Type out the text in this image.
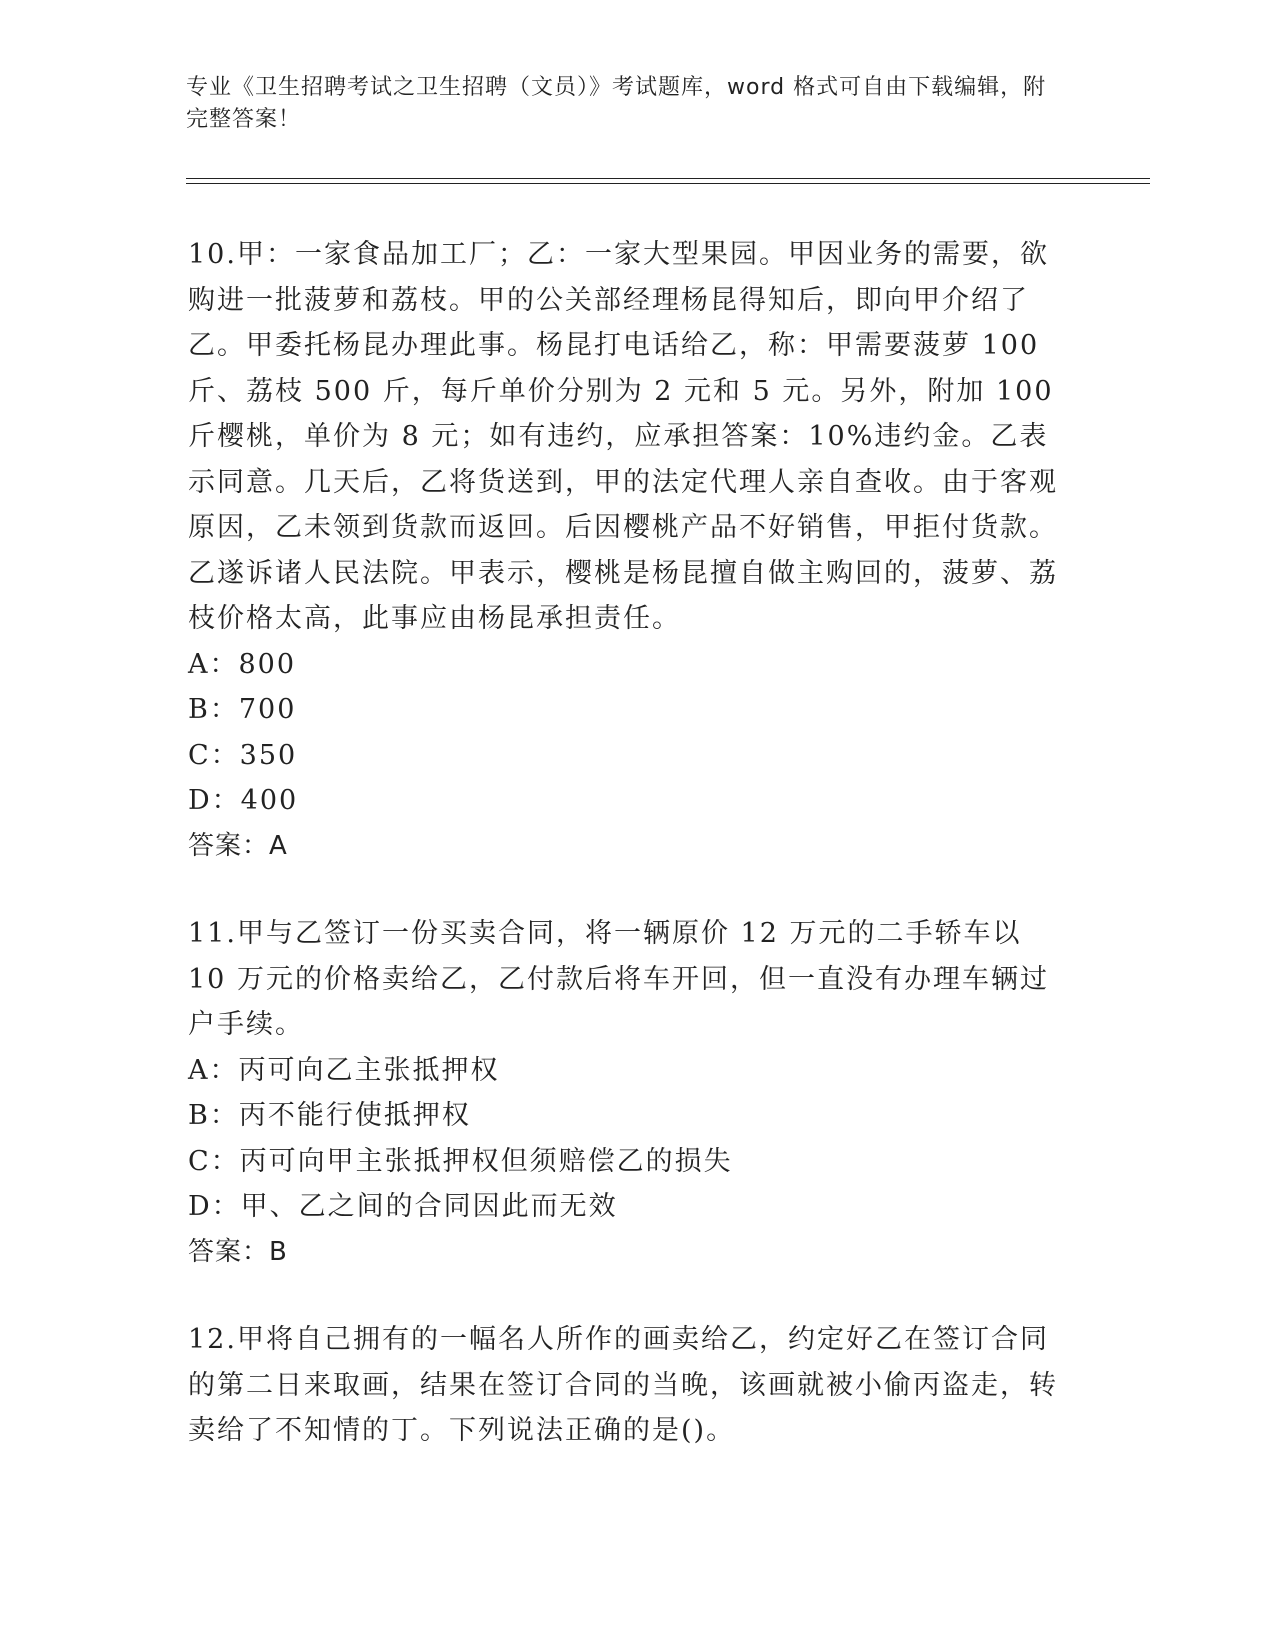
专业《卫生招聘考试之卫生招聘（文员）》考试题库，word 格式可自由下载编辑，附完整答案！
10.甲：一家食品加工厂；乙：一家大型果园。甲因业务的需要，欲购进一批菠萝和荔枝。甲的公关部经理杨昆得知后，即向甲介绍了乙。甲委托杨昆办理此事。杨昆打电话给乙，称：甲需要菠萝 100 斤、荔枝 500 斤，每斤单价分别为 2 元和 5 元。另外，附加 100 斤樱桃，单价为 8 元；如有违约，应承担答案：10%违约金。乙表示同意。几天后，乙将货送到，甲的法定代理人亲自查收。由于客观原因，乙未领到货款而返回。后因樱桃产品不好销售，甲拒付货款。乙遂诉诸人民法院。甲表示，樱桃是杨昆擅自做主购回的，菠萝、荔枝价格太高，此事应由杨昆承担责任。
A：800
B：700
C：350
D：400
答案：A
11.甲与乙签订一份买卖合同，将一辆原价 12 万元的二手轿车以 10 万元的价格卖给乙，乙付款后将车开回，但一直没有办理车辆过户手续。
A：丙可向乙主张抵押权
B：丙不能行使抵押权
C：丙可向甲主张抵押权但须赔偿乙的损失
D：甲、乙之间的合同因此而无效
答案：B
12.甲将自己拥有的一幅名人所作的画卖给乙，约定好乙在签订合同的第二日来取画，结果在签订合同的当晚，该画就被小偷丙盗走，转卖给了不知情的丁。下列说法正确的是()。
